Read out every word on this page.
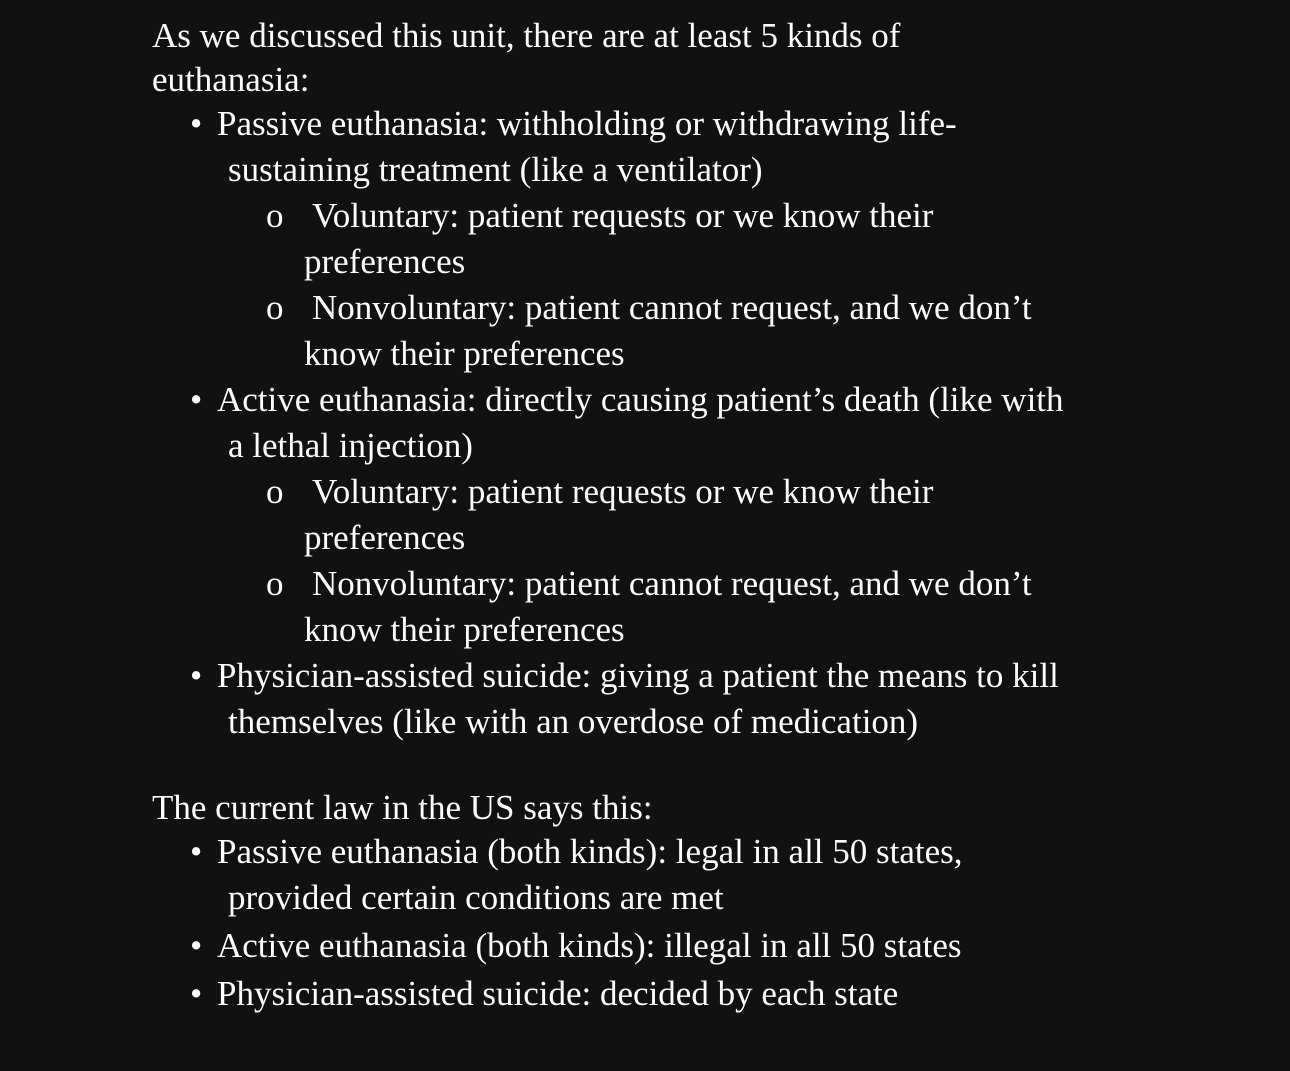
As we discussed this unit, there are at least 5 kinds of

euthanasia:

• Passive euthanasia: withholding or withdrawing life-

sustaining treatment (like a ventilator)

o Voluntary: patient requests or we know their

preferences

o Nonvoluntary: patient cannot request, and we don’t

know their preferences

• Active euthanasia: directly causing patient’s death (like with

a lethal injection)

o Voluntary: patient requests or we know their

preferences

o Nonvoluntary: patient cannot request, and we don’t

know their preferences

• Physician-assisted suicide: giving a patient the means to kill

themselves (like with an overdose of medication)

The current law in the US says this:

• Passive euthanasia (both kinds): legal in all 50 states,

provided certain conditions are met

• Active euthanasia (both kinds): illegal in all 50 states

• Physician-assisted suicide: decided by each state
